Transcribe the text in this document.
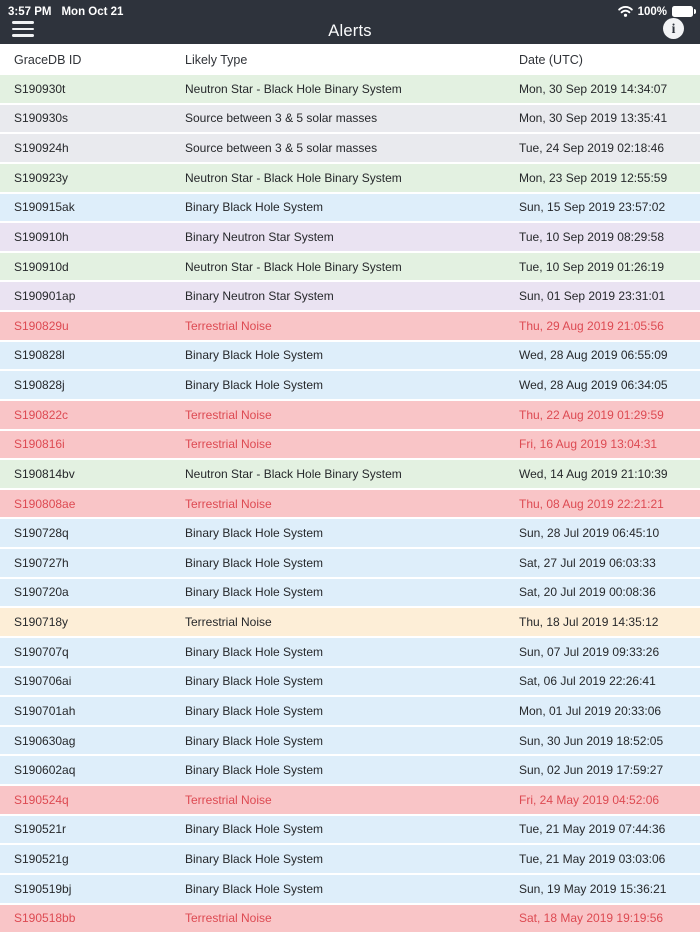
3:57 PM Mon Oct 21	100%
Alerts	i
GraceDB ID	Likely Type	Date (UTC)
S190930t	Neutron Star - Black Hole Binary System	Mon, 30 Sep 2019 14:34:07
S190930s	Source between 3 & 5 solar masses	Mon, 30 Sep 2019 13:35:41
S190924h	Source between 3 & 5 solar masses	Tue, 24 Sep 2019 02:18:46
S190923y	Neutron Star - Black Hole Binary System	Mon, 23 Sep 2019 12:55:59
S190915ak	Binary Black Hole System	Sun, 15 Sep 2019 23:57:02
S190910h	Binary Neutron Star System	Tue, 10 Sep 2019 08:29:58
S190910d	Neutron Star - Black Hole Binary System	Tue, 10 Sep 2019 01:26:19
S190901ap	Binary Neutron Star System	Sun, 01 Sep 2019 23:31:01
S190829u	Terrestrial Noise	Thu, 29 Aug 2019 21:05:56
S190828l	Binary Black Hole System	Wed, 28 Aug 2019 06:55:09
S190828j	Binary Black Hole System	Wed, 28 Aug 2019 06:34:05
S190822c	Terrestrial Noise	Thu, 22 Aug 2019 01:29:59
S190816i	Terrestrial Noise	Fri, 16 Aug 2019 13:04:31
S190814bv	Neutron Star - Black Hole Binary System	Wed, 14 Aug 2019 21:10:39
S190808ae	Terrestrial Noise	Thu, 08 Aug 2019 22:21:21
S190728q	Binary Black Hole System	Sun, 28 Jul 2019 06:45:10
S190727h	Binary Black Hole System	Sat, 27 Jul 2019 06:03:33
S190720a	Binary Black Hole System	Sat, 20 Jul 2019 00:08:36
S190718y	Terrestrial Noise	Thu, 18 Jul 2019 14:35:12
S190707q	Binary Black Hole System	Sun, 07 Jul 2019 09:33:26
S190706ai	Binary Black Hole System	Sat, 06 Jul 2019 22:26:41
S190701ah	Binary Black Hole System	Mon, 01 Jul 2019 20:33:06
S190630ag	Binary Black Hole System	Sun, 30 Jun 2019 18:52:05
S190602aq	Binary Black Hole System	Sun, 02 Jun 2019 17:59:27
S190524q	Terrestrial Noise	Fri, 24 May 2019 04:52:06
S190521r	Binary Black Hole System	Tue, 21 May 2019 07:44:36
S190521g	Binary Black Hole System	Tue, 21 May 2019 03:03:06
S190519bj	Binary Black Hole System	Sun, 19 May 2019 15:36:21
S190518bb	Terrestrial Noise	Sat, 18 May 2019 19:19:56
